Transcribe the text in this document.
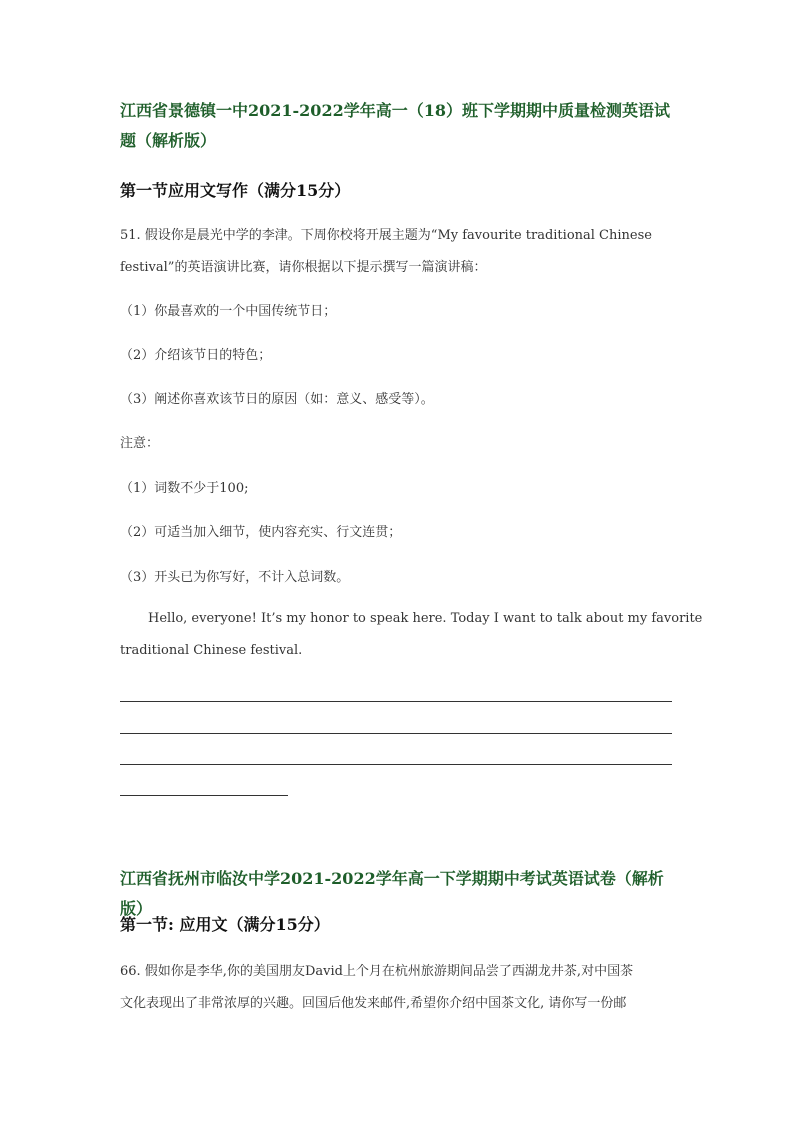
江西省景德镇一中2021-2022学年高一（18）班下学期期中质量检测英语试题（解析版）
第一节应用文写作（满分15分）
51. 假设你是晨光中学的李津。下周你校将开展主题为“My favourite traditional Chinese
festival”的英语演讲比赛，请你根据以下提示撰写一篇演讲稿：
（1）你最喜欢的一个中国传统节日；
（2）介绍该节日的特色；
（3）阐述你喜欢该节日的原因（如：意义、感受等）。
注意：
（1）词数不少于100;
（2）可适当加入细节，使内容充实、行文连贯；
（3）开头已为你写好，不计入总词数。
Hello, everyone! It’s my honor to speak here. Today I want to talk about my favorite
traditional Chinese festival.
江西省抚州市临汝中学2021-2022学年高一下学期期中考试英语试卷（解析版）
第一节: 应用文（满分15分）
66. 假如你是李华,你的美国朋友David上个月在杭州旅游期间品尝了西湖龙井茶,对中国茶
文化表现出了非常浓厚的兴趣。回国后他发来邮件,希望你介绍中国茶文化, 请你写一份邮
